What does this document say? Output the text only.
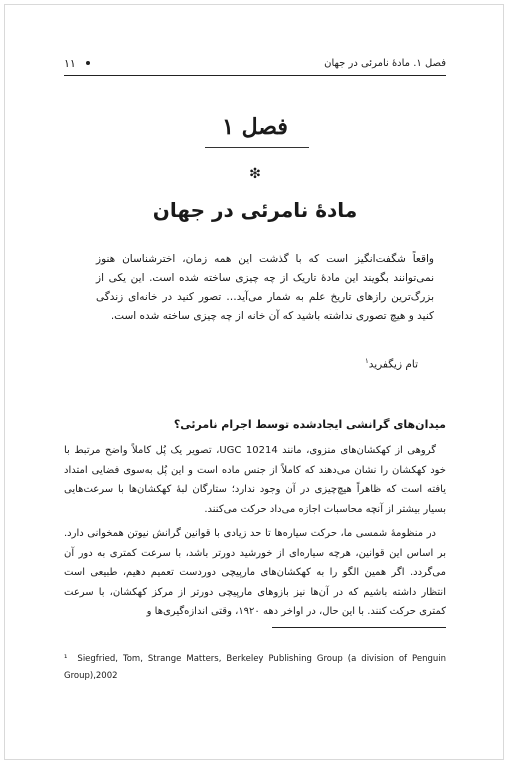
فصل ۱. مادۀ نامرئی در جهان
۱۱
فصل ۱
❇
مادۀ نامرئی در جهان
واقعاً شگفت‌انگیز است که با گذشت این همه زمان، اخترشناسان هنوز نمی‌توانند بگویند این مادۀ تاریک از چه چیزی ساخته شده است. این یکی از بزرگ‌ترین رازهای تاریخ علم به شمار می‌آید… تصور کنید در خانه‌ای زندگی کنید و هیچ تصوری نداشته باشید که آن خانه از چه چیزی ساخته شده است.
تام زیگفرید$^۱$
میدان‌های گرانشی ایجادشده توسط اجرام نامرئی؟

گروهی از کهکشان‌های منزوی، مانند UGC 10214، تصویر یک پُل کاملاً واضح مرتبط با خود کهکشان را نشان می‌دهند که کاملاً از جنس ماده است و این پُل به‌سوی فضایی امتداد یافته است که ظاهراً هیچ‌چیزی در آن وجود ندارد؛ ستارگان لبۀ کهکشان‌ها با سرعت‌هایی بسیار بیشتر از آنچه محاسبات اجازه می‌داد حرکت می‌کنند.

در منظومۀ شمسی ما، حرکت سیاره‌ها تا حد زیادی با قوانین گرانش نیوتن همخوانی دارد. بر اساس این قوانین، هرچه سیاره‌ای از خورشید دورتر باشد، با سرعت کمتری به دور آن می‌گردد. اگر همین الگو را به کهکشان‌های مارپیچی دوردست تعمیم دهیم، طبیعی است انتظار داشته باشیم که در آن‌ها نیز بازوهای مارپیچی دورتر از مرکز کهکشان، با سرعت کمتری حرکت کنند. با این حال، در اواخر دهه ۱۹۲۰، وقتی اندازه‌گیری‌ها و

¹ Siegfried, Tom, Strange Matters, Berkeley Publishing Group (a division of Penguin Group),2002
